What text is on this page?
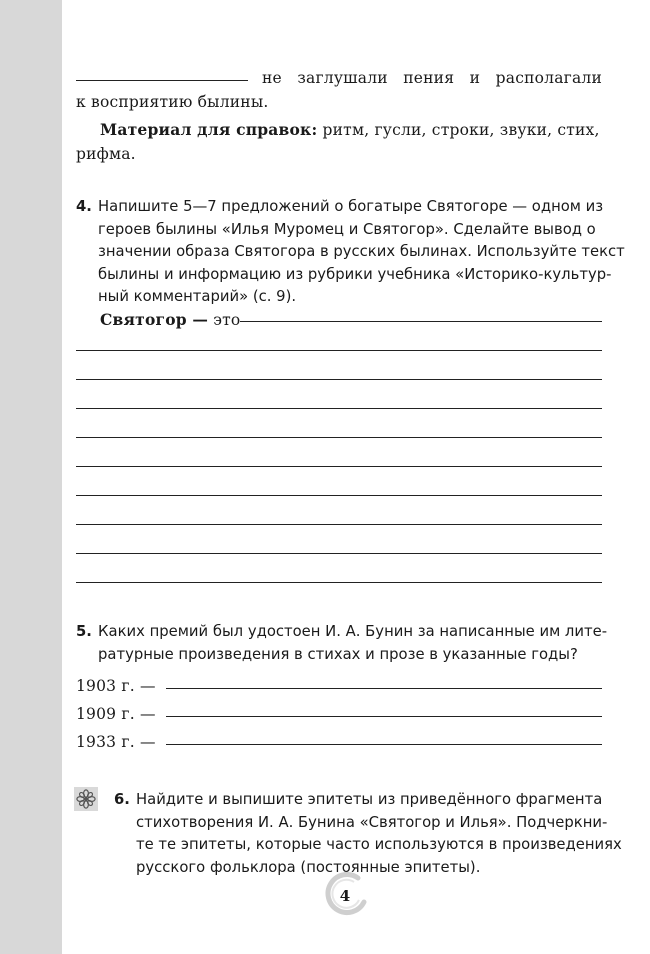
не заглушали пения и располагали
к восприятию былины.
Материал для справок: ритм, гусли, строки, звуки, стих,
рифма.
4. Напишите 5—7 предложений о богатыре Святогоре — одном из
героев былины «Илья Муромец и Святогор». Сделайте вывод о
значении образа Святогора в русских былинах. Используйте текст
былины и информацию из рубрики учебника «Историко-культур-
ный комментарий» (с. 9).
Святогор — это
5. Каких премий был удостоен И. А. Бунин за написанные им лите-
ратурные произведения в стихах и прозе в указанные годы?
1903 г. —
1909 г. —
1933 г. —
6. Найдите и выпишите эпитеты из приведённого фрагмента
стихотворения И. А. Бунина «Святогор и Илья». Подчеркни-
те те эпитеты, которые часто используются в произведениях
русского фольклора (постоянные эпитеты).
4
